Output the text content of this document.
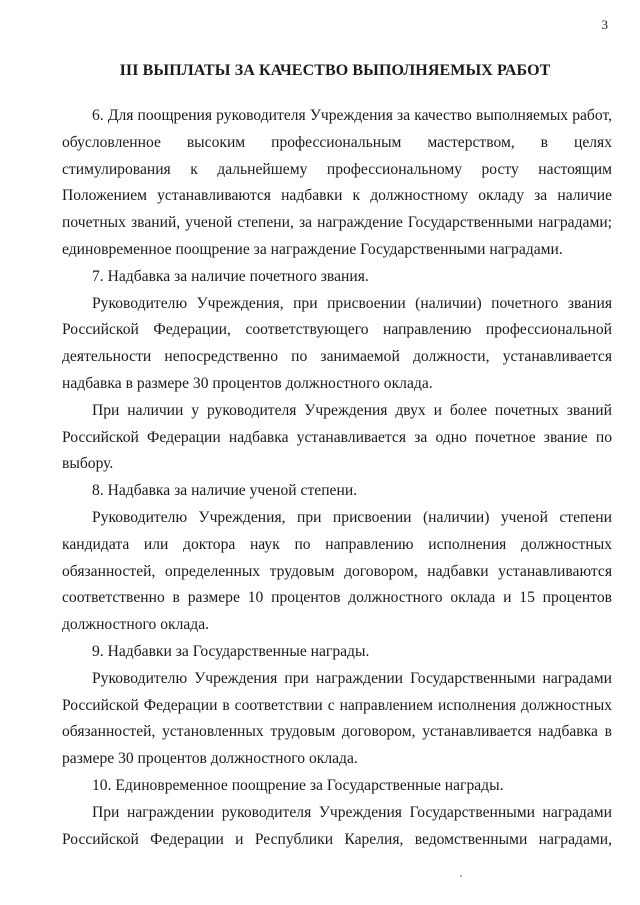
3
III ВЫПЛАТЫ ЗА КАЧЕСТВО ВЫПОЛНЯЕМЫХ РАБОТ

6. Для поощрения руководителя Учреждения за качество выполняемых работ, обусловленное высоким профессиональным мастерством, в целях стимулирования к дальнейшему профессиональному росту настоящим Положением устанавливаются надбавки к должностному окладу за наличие почетных званий, ученой степени, за награждение Государственными наградами; единовременное поощрение за награждение Государственными наградами.

7. Надбавка за наличие почетного звания.

Руководителю Учреждения, при присвоении (наличии) почетного звания Российской Федерации, соответствующего направлению профессиональной деятельности непосредственно по занимаемой должности, устанавливается надбавка в размере 30 процентов должностного оклада.

При наличии у руководителя Учреждения двух и более почетных званий Российской Федерации надбавка устанавливается за одно почетное звание по выбору.

8. Надбавка за наличие ученой степени.

Руководителю Учреждения, при присвоении (наличии) ученой степени кандидата или доктора наук по направлению исполнения должностных обязанностей, определенных трудовым договором, надбавки устанавливаются соответственно в размере 10 процентов должностного оклада и 15 процентов должностного оклада.

9. Надбавки за Государственные награды.

Руководителю Учреждения при награждении Государственными наградами Российской Федерации в соответствии с направлением исполнения должностных обязанностей, установленных трудовым договором, устанавливается надбавка в размере 30 процентов должностного оклада.

10. Единовременное поощрение за Государственные награды.

При награждении руководителя Учреждения Государственными наградами Российской Федерации и Республики Карелия, ведомственными наградами,
